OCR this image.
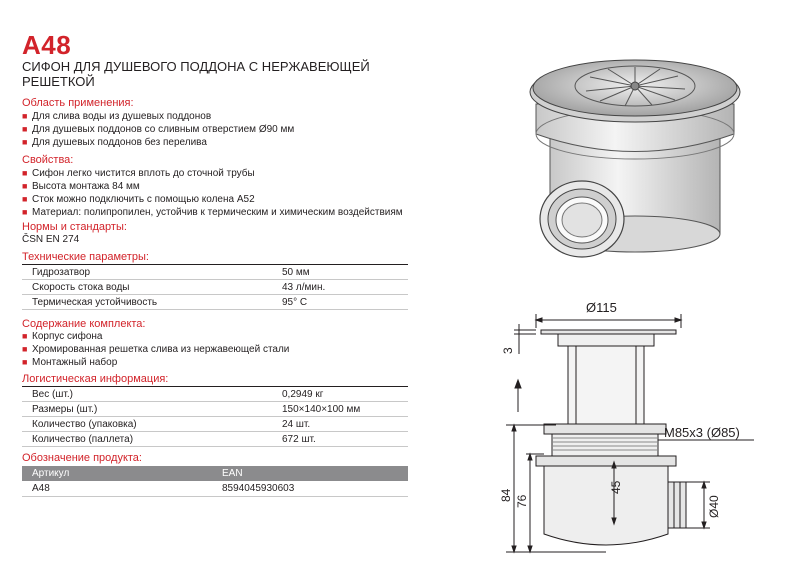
A48
СИФОН ДЛЯ ДУШЕВОГО ПОДДОНА С НЕРЖАВЕЮЩЕЙ РЕШЕТКОЙ
Область применения:
■ Для слива воды из душевых поддонов
■ Для душевых поддонов со сливным отверстием Ø90 мм
■ Для душевых поддонов без перелива
Свойства:
■ Сифон легко чистится вплоть до сточной трубы
■ Высота монтажа 84 мм
■ Сток можно подключить с помощью колена A52
■ Материал: полипропилен, устойчив к термическим и химическим воздействиям
Нормы и стандарты:
ČSN EN 274
Технические параметры:
Гидрозатвор	50 мм
Скорость стока воды	43 л/мин.
Термическая устойчивость	95° C
Содержание комплекта:
■ Корпус сифона
■ Хромированная решетка слива из нержавеющей стали
■ Монтажный набор
Логистическая информация:
Вес (шт.)	0,2949 кг
Размеры (шт.)	150×140×100 мм
Количество (упаковка)	24 шт.
Количество (паллета)	672 шт.
Обозначение продукта:
Артикул	EAN
A48	8594045930603
Ø115
3
M85x3 (Ø85)
84 76
45
Ø40
